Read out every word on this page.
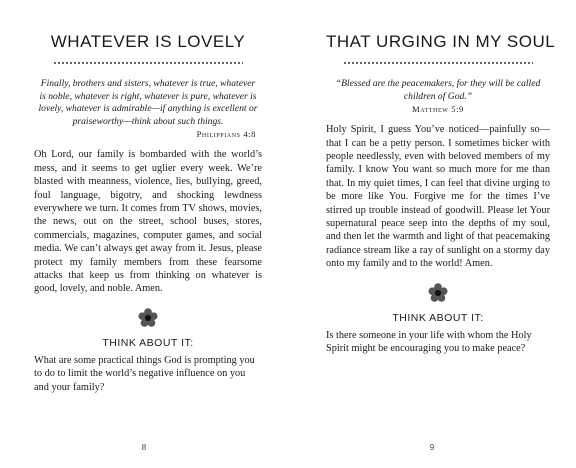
WHATEVER IS LOVELY
Finally, brothers and sisters, whatever is true, whatever is noble, whatever is right, whatever is pure, whatever is lovely, whatever is admirable—if anything is excellent or praiseworthy—think about such things.
Philippians 4:8
Oh Lord, our family is bombarded with the world’s mess, and it seems to get uglier every week. We’re blasted with meanness, violence, lies, bullying, greed, foul language, bigotry, and shocking lewdness everywhere we turn. It comes from TV shows, movies, the news, out on the street, school buses, stores, commercials, magazines, computer games, and social media. We can’t always get away from it. Jesus, please protect my family members from these fearsome attacks that keep us from thinking on whatever is good, lovely, and noble. Amen.
THINK ABOUT IT:
What are some practical things God is prompting you to do to limit the world’s negative influence on you and your family?
8
THAT URGING IN MY SOUL
“Blessed are the peacemakers, for they will be called children of God.”
Matthew 5:9
Holy Spirit, I guess You’ve noticed—painfully so—that I can be a petty person. I sometimes bicker with people needlessly, even with beloved members of my family. I know You want so much more for me than that. In my quiet times, I can feel that divine urging to be more like You. Forgive me for the times I’ve stirred up trouble instead of goodwill. Please let Your supernatural peace seep into the depths of my soul, and then let the warmth and light of that peacemaking radiance stream like a ray of sunlight on a stormy day onto my family and to the world! Amen.
THINK ABOUT IT:
Is there someone in your life with whom the Holy Spirit might be encouraging you to make peace?
9
